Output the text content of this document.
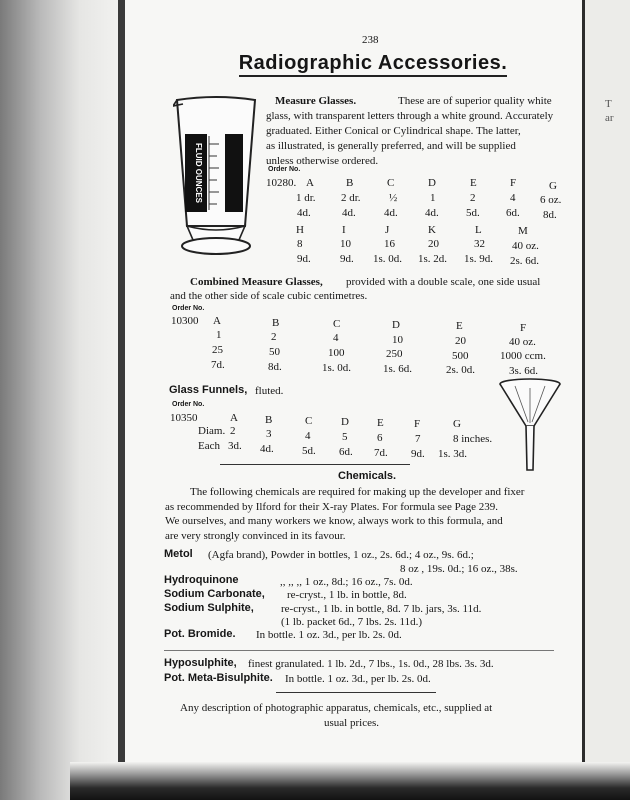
T
ar
238
Radiographic Accessories.
FLUID OUNCES
Measure Glasses.	These are of superior quality white
glass, with transparent letters through a white ground. Accurately
graduated. Either Conical or Cylindrical shape. The latter,
as illustrated, is generally preferred, and will be supplied
unless otherwise ordered.
Order No.
10280. A	B	C	D	E	F	G
1 dr. 2 dr.	½	1	2	4 6 oz.
4d.	4d.	4d. 4d. 5d. 6d. 8d.
H	I	J	K	L	M
8	10	16	20	32 40 oz.
9d.	9d. 1s. 0d. 1s. 2d. 1s. 9d. 2s. 6d.
Combined Measure Glasses, provided with a double scale, one side usual
and the other side of scale cubic centimetres.
Order No.
10300 A	B	C	D	E	F
1	2	4	10	20	40 oz.
25	50	100	250	500	1000 ccm.
7d.	8d.	1s. 0d.	1s. 6d.	2s. 0d.	3s. 6d.
Glass Funnels, fluted.
Order No.
10350	A B	C	D	E	F	G
Diam. 2	3	4	5	6	7	8 inches.
Each 3d. 4d.	5d. 6d. 7d. 9d. 1s. 3d.
Chemicals.
The following chemicals are required for making up the developer and fixer
as recommended by Ilford for their X-ray Plates. For formula see Page 239.
We ourselves, and many workers we know, always work to this formula, and
are very strongly convinced in its favour.
Metol (Agfa brand), Powder in bottles, 1 oz., 2s. 6d.; 4 oz., 9s. 6d.;
8 oz , 19s. 0d.; 16 oz., 38s.
Hydroquinone	,, ,, ,, 1 oz., 8d.; 16 oz., 7s. 0d.
Sodium Carbonate, re-cryst., 1 lb. in bottle, 8d.
Sodium Sulphite, re-cryst., 1 lb. in bottle, 8d. 7 lb. jars, 3s. 11d.
(1 lb. packet 6d., 7 lbs. 2s. 11d.)
Pot. Bromide. In bottle. 1 oz. 3d., per lb. 2s. 0d.
Hyposulphite, finest granulated. 1 lb. 2d., 7 lbs., 1s. 0d., 28 lbs. 3s. 3d.
Pot. Meta-Bisulphite. In bottle. 1 oz. 3d., per lb. 2s. 0d.
Any description of photographic apparatus, chemicals, etc., supplied at
usual prices.
